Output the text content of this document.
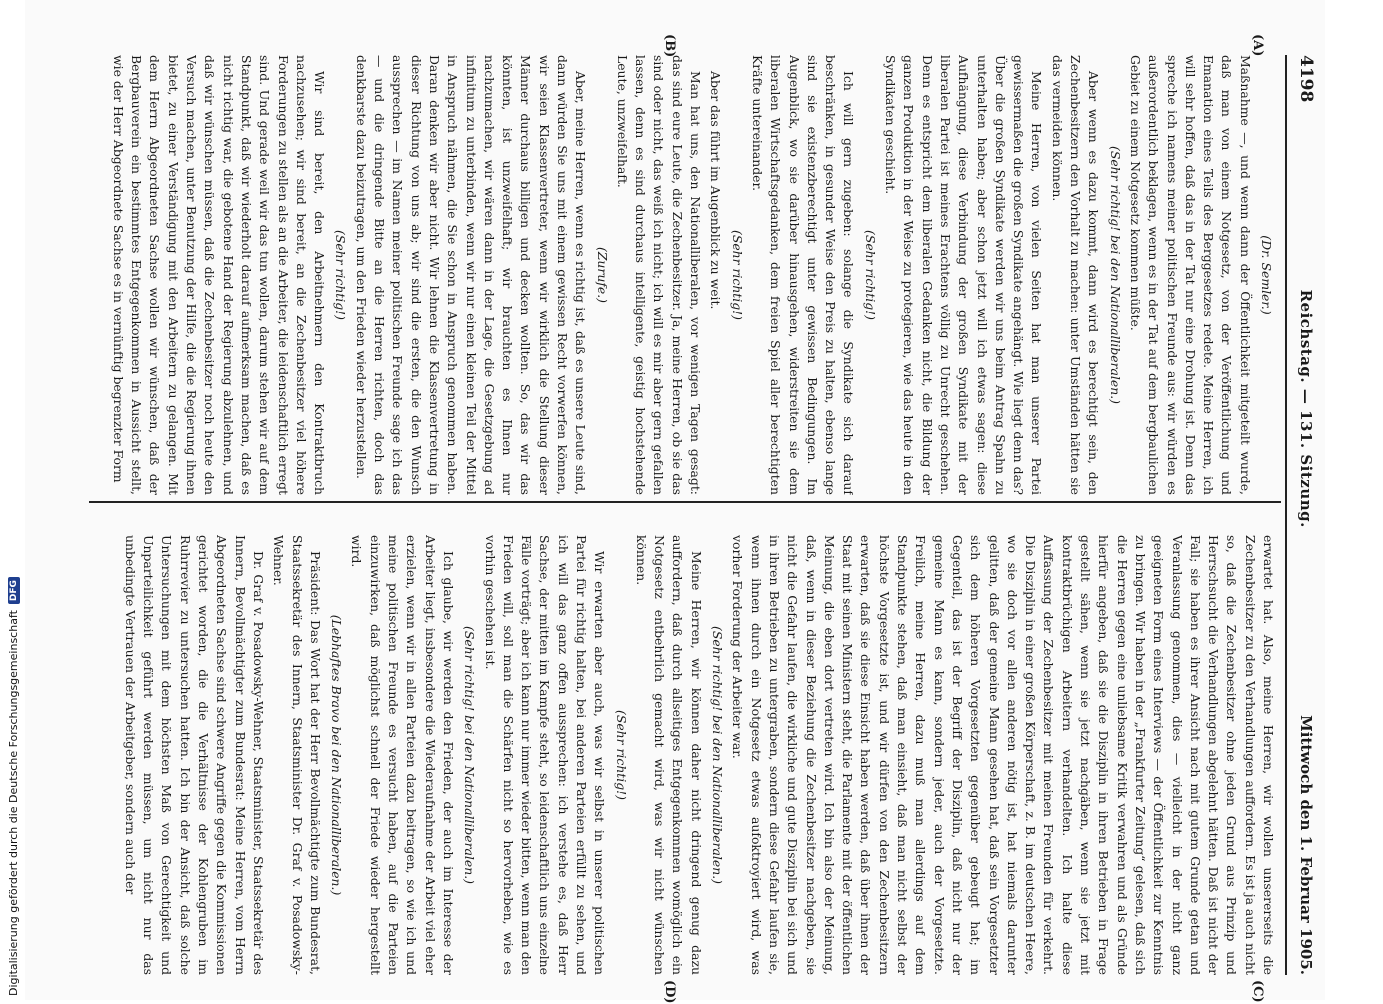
4198
Reichstag. — 131. Sitzung.
Mittwoch den 1. Februar 1905.
(A)
(B)
(C)
(D)
(Dr. Semler.)

Maßnahme —, und wenn dann der Öffentlichkeit mitgeteilt wurde, daß man von einem Notgesetz, von der Veröffentlichung und Emanation eines Teils des Berggesetzes redete. Meine Herren, ich will sehr hoffen, daß das in der Tat nur eine Drohung ist. Denn das spreche ich namens meiner politischen Freunde aus: wir würden es außerordentlich beklagen, wenn es in der Tat auf dem bergbaulichen Gebiet zu einem Notgesetz kommen müßte.

(Sehr richtig! bei den Nationalliberalen.)

Aber wenn es dazu kommt, dann wird es berechtigt sein, den Zechenbesitzern den Vorhalt zu machen: unter Umständen hätten sie das vermeiden können.

Meine Herren, von vielen Seiten hat man unserer Partei gewissermaßen die großen Syndikate angehängt. Wie liegt denn das? Über die großen Syndikate werden wir uns beim Antrag Spahn zu unterhalten haben; aber schon jetzt will ich etwas sagen: diese Aufhängung, diese Verbindung der großen Syndikate mit der liberalen Partei ist meines Erachtens völlig zu Unrecht geschehen. Denn es entspricht dem liberalen Gedanken nicht, die Bildung der ganzen Produktion in der Weise zu protegieren, wie das heute in den Syndikaten geschieht.

(Sehr richtig!)

Ich will gern zugeben: solange die Syndikate sich darauf beschränken, in gesunder Weise den Preis zu halten, ebenso lange sind sie existenzberechtigt unter gewissen Bedingungen. Im Augenblick, wo sie darüber hinausgehen, widerstreiten sie dem liberalen Wirtschaftsgedanken, dem freien Spiel aller berechtigten Kräfte untereinander.

(Sehr richtig!)

Aber das führt im Augenblick zu weit.

Man hat uns, den Nationalliberalen, vor wenigen Tagen gesagt: das sind eure Leute, die Zechenbesitzer. Ja, meine Herren, ob sie das sind oder nicht, das weiß ich nicht; ich will es mir aber gern gefallen lassen, denn es sind durchaus intelligente, geistig hochstehende Leute, unzweifelhaft.

(Zurufe.)

Aber, meine Herren, wenn es richtig ist, daß es unsere Leute sind, dann würden Sie uns mit einem gewissen Recht vorwerfen können, wir seien Klassenvertreter, wenn wir wirklich die Stellung dieser Männer durchaus billigen und decken wollten. So, das wir das könnten, ist unzweifelhaft; wir brauchten es Ihnen nur nachzumachen, wir wären dann in der Lage, die Gesetzgebung ad infinitum zu unterbinden, wenn wir nur einen kleinen Teil der Mittel in Anspruch nähmen, die Sie schon in Anspruch genommen haben. Daran denken wir aber nicht. Wir lehnen die Klassenvertretung in dieser Richtung von uns ab; wir sind die ersten, die den Wunsch aussprechen — im Namen meiner politischen Freunde sage ich das — und die dringende Bitte an die Herren richten, doch das denkbarste dazu beizutragen, um den Frieden wieder herzustellen.

(Sehr richtig!)

Wir sind bereit, den Arbeitnehmern den Kontraktbruch nachzusehen; wir sind bereit, an die Zechenbesitzer viel höhere Forderungen zu stellen als an die Arbeiter, die leidenschaftlich erregt sind. Und gerade weil wir das tun wollen, darum stehen wir auf dem Standpunkt, daß wir wiederholt darauf aufmerksam machen, daß es nicht richtig war, die gebotene Hand der Regierung abzulehnen, und daß wir wünschen müssen, daß die Zechenbesitzer noch heute den Versuch machen, unter Benutzung der Hilfe, die die Regierung ihnen bietet, zu einer Verständigung mit den Arbeitern zu gelangen. Mit dem Herrn Abgeordneten Sachse wollen wir wünschen, daß der Bergbauverein ein bestimmtes Entgegenkommen in Aussicht stellt, wie der Herr Abgeordnete Sachse es in vernünftig begrenzter Form

erwartet hat. Also, meine Herren, wir wollen unsererseits die Zechenbesitzer zu den Verhandlungen auffordern. Es ist ja auch nicht so, daß die Zechenbesitzer ohne jeden Grund aus Prinzip und Herrschsucht die Verhandlungen abgelehnt hätten. Daß ist nicht der Fall; sie haben es ihrer Ansicht nach mit gutem Grunde getan und Veranlassung genommen, dies — vielleicht in der nicht ganz geeigneten Form eines Interviews — der Öffentlichkeit zur Kenntnis zu bringen. Wir haben in der „Frankfurter Zeitung“ gelesen, daß sich die Herren gegen eine unliebsame Kritik verwahren und als Gründe hierfür angeben, daß sie die Disziplin in ihren Betrieben in Frage gestellt sähen, wenn sie jetzt nachgäben, wenn sie jetzt mit kontraktbrüchigen Arbeitern verhandelten. Ich halte diese Auffassung der Zechenbesitzer mit meinen Freunden für verkehrt. Die Disziplin in einer großen Körperschaft, z. B. im deutschen Heere, wo sie doch vor allen anderen nötig ist, hat niemals darunter gelitten, daß der gemeine Mann gesehen hat, daß sein Vorgesetzter sich dem höheren Vorgesetzten gegenüber gebeugt hat; im Gegenteil, das ist der Begriff der Disziplin, daß nicht nur der gemeine Mann es kann, sondern jeder, auch der Vorgesetzte. Freilich, meine Herren, dazu muß man allerdings auf dem Standpunkte stehen, daß man einsieht, daß man nicht selbst der höchste Vorgesetzte ist, und wir dürfen von den Zechenbesitzern erwarten, daß sie diese Einsicht haben werden, daß über ihnen der Staat mit seinen Ministern steht, die Parlamente mit der öffentlichen Meinung, die eben dort vertreten wird. Ich bin also der Meinung, daß, wenn in dieser Beziehung die Zechenbesitzer nachgeben, sie nicht die Gefahr laufen, die wirkliche und gute Disziplin bei sich und in ihren Betrieben zu untergraben, sondern diese Gefahr laufen sie, wenn ihnen durch ein Notgesetz etwas aufoktroyiert wird, was vorher Forderung der Arbeiter war.

(Sehr richtig! bei den Nationalliberalen.)

Meine Herren, wir können daher nicht dringend genug dazu auffordern, daß durch allseitiges Entgegenkommen womöglich ein Notgesetz entbehrlich gemacht wird, was wir nicht wünschen können.

(Sehr richtig!)

Wir erwarten aber auch, was wir selbst in unserer politischen Partei für richtig halten, bei anderen Parteien erfüllt zu sehen, und ich will das ganz offen aussprechen: ich verstehe es, daß Herr Sachse, der mitten im Kampfe steht, so leidenschaftlich uns einzelne Fälle vorträgt; aber ich kann nur immer wieder bitten, wenn man den Frieden will, soll man die Schärfen nicht so hervorheben, wie es vorhin geschehen ist.

(Sehr richtig! bei den Nationalliberalen.)

Ich glaube, wir werden den Frieden, der auch im Interesse der Arbeiter liegt, insbesondere die Wiederaufnahme der Arbeit viel eher erzielen, wenn wir in allen Parteien dazu beitragen, so wie ich und meine politischen Freunde es versucht haben, auf die Parteien einzuwirken, daß möglichst schnell der Friede wieder hergestellt wird.

(Lebhaftes Bravo bei den Nationalliberalen.)

Präsident: Das Wort hat der Herr Bevollmächtigte zum Bundesrat, Staatssekretär des Innern, Staatsminister Dr. Graf v. Posadowsky-Wehner.

Dr. Graf v. Posadowsky-Wehner, Staatsminister, Staatssekretär des Innern, Bevollmächtigter zum Bundesrat: Meine Herren, vom Herrn Abgeordneten Sachse sind schwere Angriffe gegen die Kommissionen gerichtet worden, die die Verhältnisse der Kohlengruben im Ruhrrevier zu untersuchen hatten. Ich bin der Ansicht, daß solche Untersuchungen mit dem höchsten Maß von Gerechtigkeit und Unparteilichkeit geführt werden müssen, um nicht nur das unbedingte Vertrauen der Arbeitgeber, sondern auch der

Digitalisierung gefördert durch die Deutsche Forschungsgemeinschaft
DFG
